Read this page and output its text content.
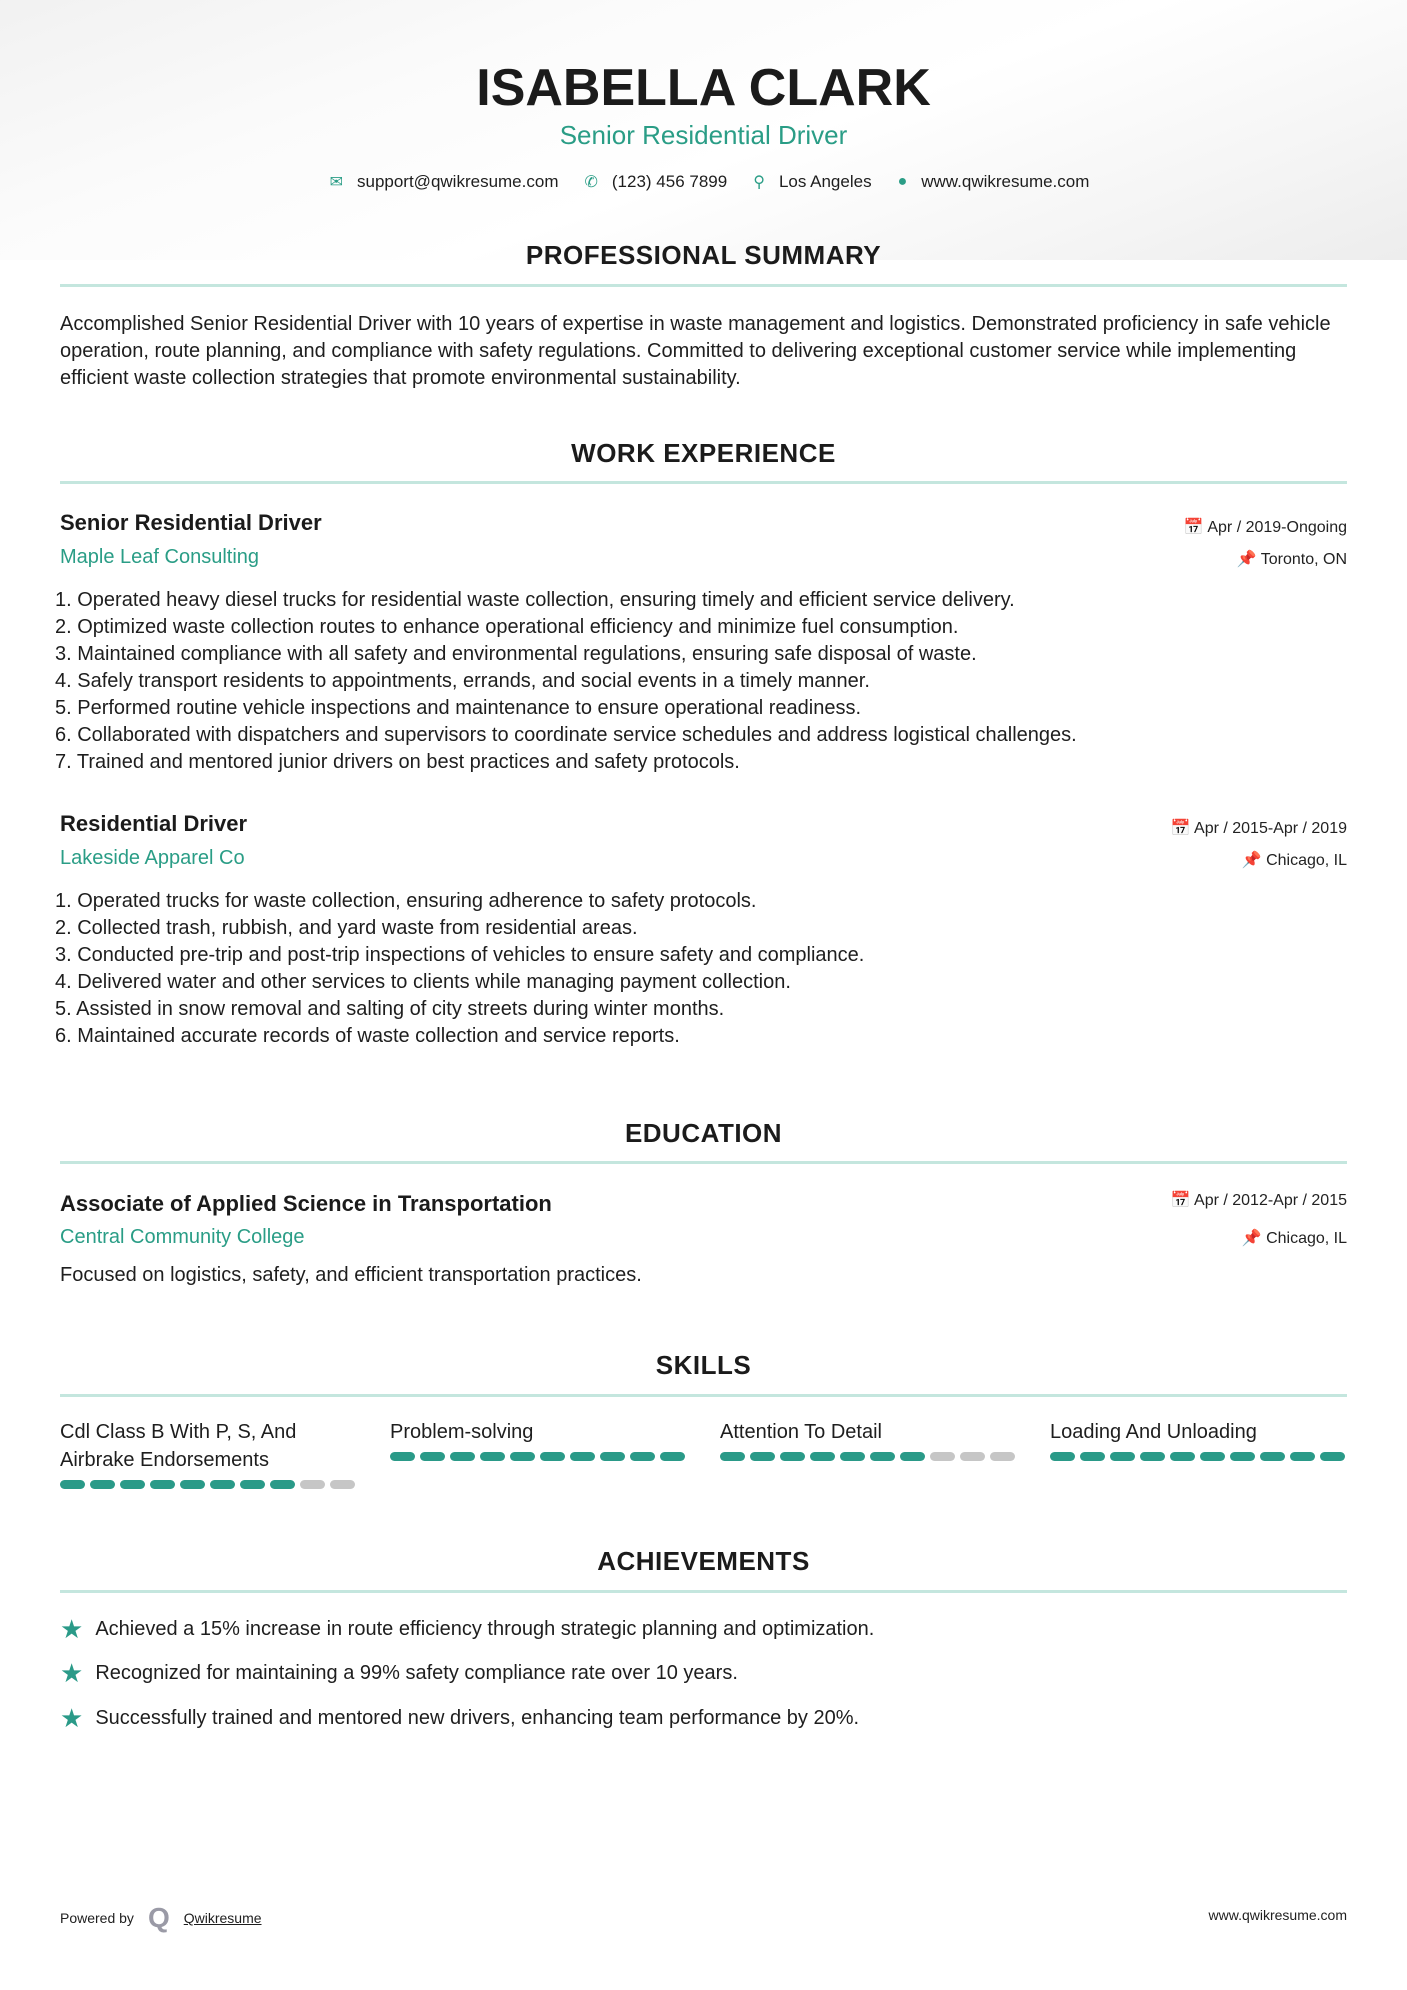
ISABELLA CLARK
Senior Residential Driver
✉ support@qwikresume.com ✆ (123) 456 7899 ⚲ Los Angeles ● www.qwikresume.com
PROFESSIONAL SUMMARY
Accomplished Senior Residential Driver with 10 years of expertise in waste management and logistics. Demonstrated proficiency in safe vehicle operation, route planning, and compliance with safety regulations. Committed to delivering exceptional customer service while implementing efficient waste collection strategies that promote environmental sustainability.
WORK EXPERIENCE
Senior Residential Driver
Maple Leaf Consulting
📅 Apr / 2019-Ongoing
📌 Toronto, ON
1. Operated heavy diesel trucks for residential waste collection, ensuring timely and efficient service delivery.
2. Optimized waste collection routes to enhance operational efficiency and minimize fuel consumption.
3. Maintained compliance with all safety and environmental regulations, ensuring safe disposal of waste.
4. Safely transport residents to appointments, errands, and social events in a timely manner.
5. Performed routine vehicle inspections and maintenance to ensure operational readiness.
6. Collaborated with dispatchers and supervisors to coordinate service schedules and address logistical challenges.
7. Trained and mentored junior drivers on best practices and safety protocols.
Residential Driver
Lakeside Apparel Co
📅 Apr / 2015-Apr / 2019
📌 Chicago, IL
1. Operated trucks for waste collection, ensuring adherence to safety protocols.
2. Collected trash, rubbish, and yard waste from residential areas.
3. Conducted pre-trip and post-trip inspections of vehicles to ensure safety and compliance.
4. Delivered water and other services to clients while managing payment collection.
5. Assisted in snow removal and salting of city streets during winter months.
6. Maintained accurate records of waste collection and service reports.
EDUCATION
Associate of Applied Science in Transportation
Central Community College
📅 Apr / 2012-Apr / 2015
📌 Chicago, IL
Focused on logistics, safety, and efficient transportation practices.
SKILLS
Cdl Class B With P, S, And Airbrake Endorsements
Problem-solving	Attention To Detail	Loading And Unloading
ACHIEVEMENTS
★ Achieved a 15% increase in route efficiency through strategic planning and optimization.
★ Recognized for maintaining a 99% safety compliance rate over 10 years.
★ Successfully trained and mentored new drivers, enhancing team performance by 20%.
Powered by Q Qwikresume	www.qwikresume.com
